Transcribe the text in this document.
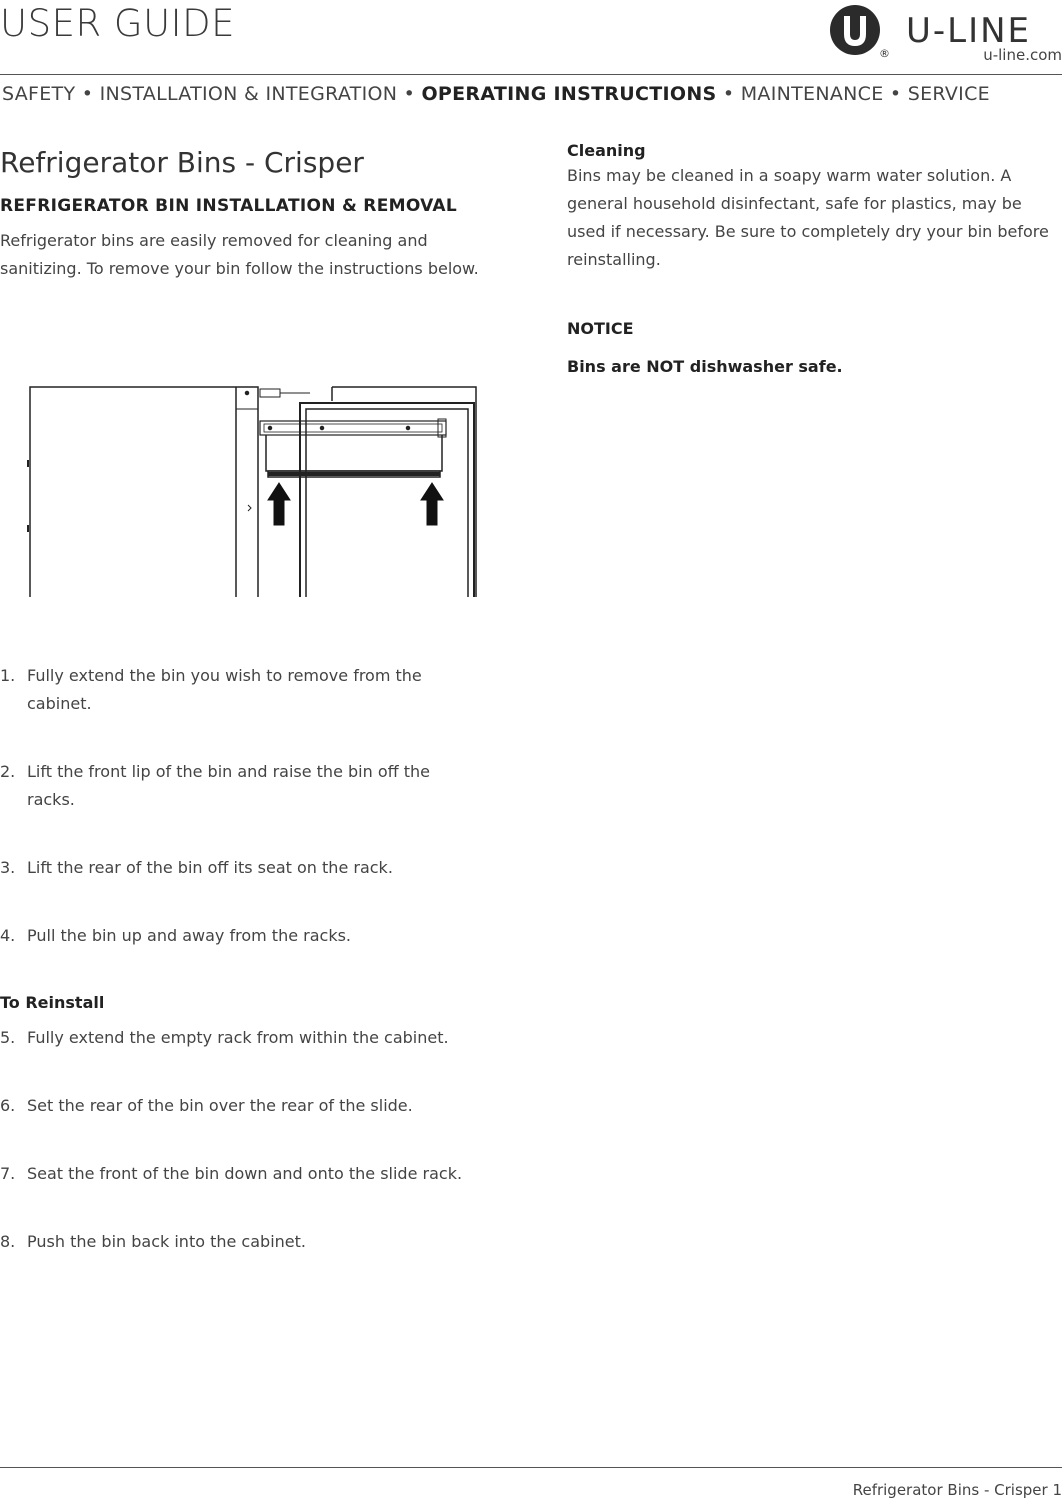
USER GUIDE
®
U-LINE
u-line.com
SAFETY • INSTALLATION & INTEGRATION • OPERATING INSTRUCTIONS • MAINTENANCE • SERVICE
Refrigerator Bins - Crisper
REFRIGERATOR BIN INSTALLATION & REMOVAL
Refrigerator bins are easily removed for cleaning and sanitizing. To remove your bin follow the instructions below.
1. Fully extend the bin you wish to remove from the cabinet.
2. Lift the front lip of the bin and raise the bin off the racks.
3. Lift the rear of the bin off its seat on the rack.
4. Pull the bin up and away from the racks.
To Reinstall
5. Fully extend the empty rack from within the cabinet.
6. Set the rear of the bin over the rear of the slide.
7. Seat the front of the bin down and onto the slide rack.
8. Push the bin back into the cabinet.
Cleaning
Bins may be cleaned in a soapy warm water solution. A general household disinfectant, safe for plastics, may be used if necessary. Be sure to completely dry your bin before reinstalling.
NOTICE
Bins are NOT dishwasher safe.
Refrigerator Bins - Crisper 1
